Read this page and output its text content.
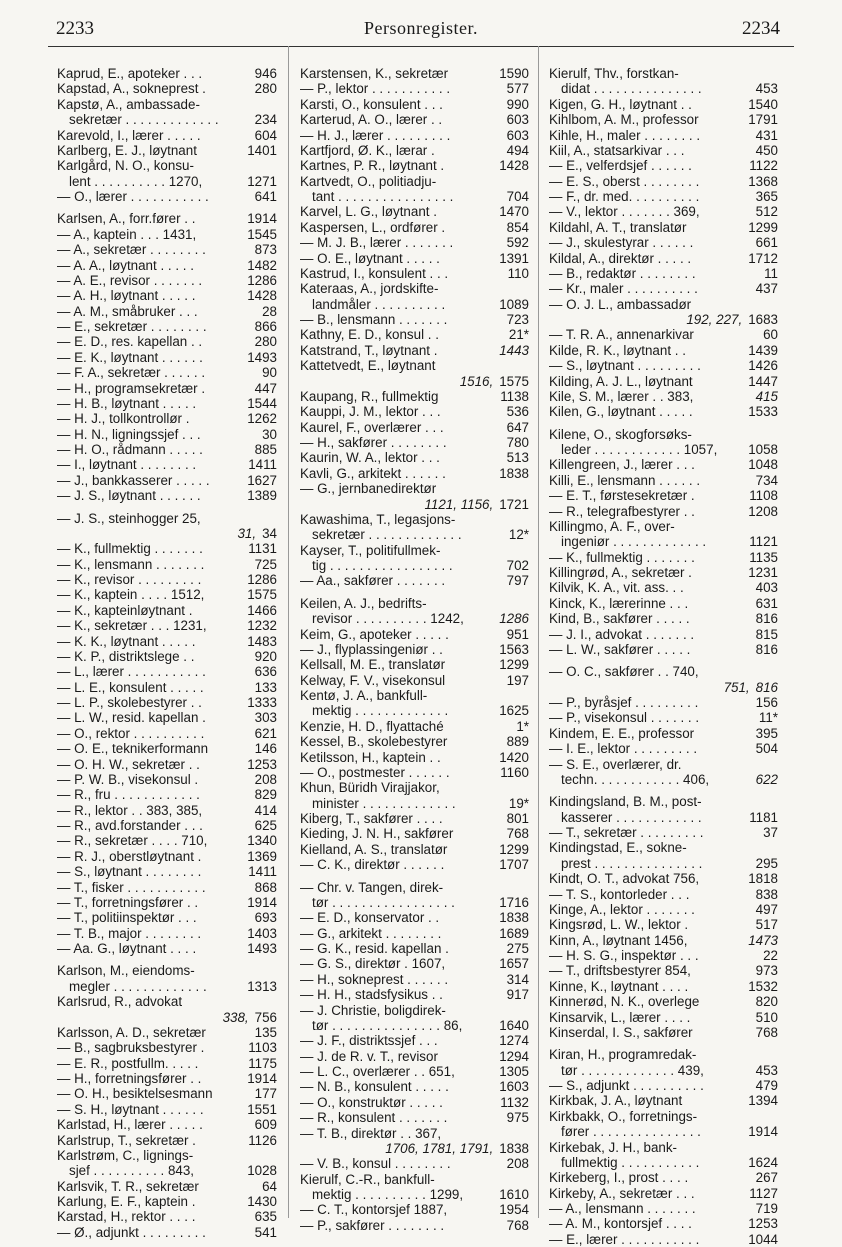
2233	Personregister.	2234
Kaprud, E., apoteker . . .	946
Kapstad, A., sokneprest .	280
Kapstø, A., ambassade-
sekretær . . . . . . . . . . . . .	234
Karevold, I., lærer . . . . .	604
Karlberg, E. J., løytnant	1401
Karlgård, N. O., konsu-
lent . . . . . . . . . . 1270,	1271
— O., lærer . . . . . . . . . . .	641
Karlsen, A., forr.fører . .	1914
— A., kaptein . . . 1431,	1545
— A., sekretær . . . . . . . .	873
— A. A., løytnant . . . . .	1482
— A. E., revisor . . . . . . .	1286
— A. H., løytnant . . . . .	1428
— A. M., småbruker . . .	28
— E., sekretær . . . . . . . .	866
— E. D., res. kapellan . .	280
— E. K., løytnant . . . . . .	1493
— F. A., sekretær . . . . . .	90
— H., programsekretær .	447
— H. B., løytnant . . . . .	1544
— H. J., tollkontrollør .	1262
— H. N., ligningssjef . . .	30
— H. O., rådmann . . . . .	885
— I., løytnant . . . . . . . .	1411
— J., bankkasserer . . . . .	1627
— J. S., løytnant . . . . . .	1389
— J. S., steinhogger 25,
31, 34
— K., fullmektig . . . . . . .	1131
— K., lensmann . . . . . . .	725
— K., revisor . . . . . . . . .	1286
— K., kaptein . . . . 1512,	1575
— K., kapteinløytnant .	1466
— K., sekretær . . . 1231,	1232
— K. K., løytnant . . . . .	1483
— K. P., distriktslege . .	920
— L., lærer . . . . . . . . . . .	636
— L. E., konsulent . . . . .	133
— L. P., skolebestyrer . .	1333
— L. W., resid. kapellan .	303
— O., rektor . . . . . . . . . .	621
— O. E., teknikerformann	146
— O. H. W., sekretær . .	1253
— P. W. B., visekonsul .	208
— R., fru . . . . . . . . . . . .	829
— R., lektor . . 383, 385,	414
— R., avd.forstander . . .	625
— R., sekretær . . . . 710,	1340
— R. J., oberstløytnant .	1369
— S., løytnant . . . . . . . .	1411
— T., fisker . . . . . . . . . . .	868
— T., forretningsfører . .	1914
— T., politiinspektør . . .	693
— T. B., major . . . . . . . .	1403
— Aa. G., løytnant . . . .	1493
Karlson, M., eiendoms-
megler . . . . . . . . . . . . .	1313
Karlsrud, R., advokat
338, 756
Karlsson, A. D., sekretær	135
— B., sagbruksbestyrer .	1103
— E. R., postfullm. . . . .	1175
— H., forretningsfører . .	1914
— O. H., besiktelsesmann	177
— S. H., løytnant . . . . . .	1551
Karlstad, H., lærer . . . . .	609
Karlstrup, T., sekretær .	1126
Karlstrøm, C., lignings-
sjef . . . . . . . . . . 843,	1028
Karlsvik, T. R., sekretær	64
Karlung, E. F., kaptein .	1430
Karstad, H., rektor . . . .	635
— Ø., adjunkt . . . . . . . . .	541
Karstensen, K., sekretær	1590
— P., lektor . . . . . . . . . . .	577
Karsti, O., konsulent . . .	990
Karterud, A. O., lærer . .	603
— H. J., lærer . . . . . . . . .	603
Kartfjord, Ø. K., lærar .	494
Kartnes, P. R., løytnant .	1428
Kartvedt, O., politiadju-
tant . . . . . . . . . . . . . . . .	704
Karvel, L. G., løytnant .	1470
Kaspersen, L., ordfører .	854
— M. J. B., lærer . . . . . . .	592
— O. E., løytnant . . . . .	1391
Kastrud, I., konsulent . . .	110
Kateraas, A., jordskifte-
landmåler . . . . . . . . . .	1089
— B., lensmann . . . . . . .	723
Kathny, E. D., konsul . .	21*
Katstrand, T., løytnant .	1443
Kattetvedt, E., løytnant
1516, 1575
Kaupang, R., fullmektig	1138
Kauppi, J. M., lektor . . .	536
Kaurel, F., overlærer . . .	647
— H., sakfører . . . . . . . .	780
Kaurin, W. A., lektor . . .	513
Kavli, G., arkitekt . . . . . .	1838
— G., jernbanedirektør
1121, 1156, 1721
Kawashima, T., legasjons-
sekretær . . . . . . . . . . . . .	12*
Kayser, T., politifullmek-
tig . . . . . . . . . . . . . . . . .	702
— Aa., sakfører . . . . . . .	797
Keilen, A. J., bedrifts-
revisor . . . . . . . . . . 1242,	1286
Keim, G., apoteker . . . . .	951
— J., flyplassingeniør . .	1563
Kellsall, M. E., translatør	1299
Kelway, F. V., visekonsul	197
Kentø, J. A., bankfull-
mektig . . . . . . . . . . . . .	1625
Kenzie, H. D., flyattaché	1*
Kessel, B., skolebestyrer	889
Ketilsson, H., kaptein . .	1420
— O., postmester . . . . . .	1160
Khun, Büridh Virajjakor,
minister . . . . . . . . . . . . .	19*
Kiberg, T., sakfører . . . .	801
Kieding, J. N. H., sakfører	768
Kielland, A. S., translatør	1299
— C. K., direktør . . . . . .	1707
— Chr. v. Tangen, direk-
tør . . . . . . . . . . . . . . . . .	1716
— E. D., konservator . .	1838
— G., arkitekt . . . . . . . .	1689
— G. K., resid. kapellan .	275
— G. S., direktør . 1607,	1657
— H., sokneprest . . . . . .	314
— H. H., stadsfysikus . .	917
— J. Christie, boligdirek-
tør . . . . . . . . . . . . . . . 86,	1640
— J. F., distriktssjef . . .	1274
— J. de R. v. T., revisor	1294
— L. C., overlærer . . 651,	1305
— N. B., konsulent . . . . .	1603
— O., konstruktør . . . . .	1132
— R., konsulent . . . . . . .	975
— T. B., direktør . . 367,
1706, 1781, 1791, 1838
— V. B., konsul . . . . . . . .	208
Kierulf, C.-R., bankfull-
mektig . . . . . . . . . . 1299,	1610
— C. T., kontorsjef 1887,	1954
— P., sakfører . . . . . . . .	768
Kierulf, Thv., forstkan-
didat . . . . . . . . . . . . . . .	453
Kigen, G. H., løytnant . .	1540
Kihlbom, A. M., professor	1791
Kihle, H., maler . . . . . . . .	431
Kiil, A., statsarkivar . . .	450
— E., velferdsjef . . . . . .	1122
— E. S., oberst . . . . . . . .	1368
— F., dr. med. . . . . . . . . .	365
— V., lektor . . . . . . . 369,	512
Kildahl, A. T., translatør	1299
— J., skulestyrar . . . . . .	661
Kildal, A., direktør . . . . .	1712
— B., redaktør . . . . . . . .	11
— Kr., maler . . . . . . . . . .	437
— O. J. L., ambassadør
192, 227, 1683
— T. R. A., annenarkivar	60
Kilde, R. K., løytnant . .	1439
— S., løytnant . . . . . . . . .	1426
Kilding, A. J. L., løytnant	1447
Kile, S. M., lærer . . 383,	415
Kilen, G., løytnant . . . . .	1533
Kilene, O., skogforsøks-
leder . . . . . . . . . . . . 1057,	1058
Killengreen, J., lærer . . .	1048
Killi, E., lensmann . . . . . .	734
— E. T., førstesekretær .	1108
— R., telegrafbestyrer . .	1208
Killingmo, A. F., over-
ingeniør . . . . . . . . . . . . .	1121
— K., fullmektig . . . . . . .	1135
Killingrød, A., sekretær .	1231
Kilvik, K. A., vit. ass. . .	403
Kinck, K., lærerinne . . .	631
Kind, B., sakfører . . . . .	816
— J. I., advokat . . . . . . .	815
— L. W., sakfører . . . . .	816
— O. C., sakfører . . 740,
751, 816
— P., byråsjef . . . . . . . . .	156
— P., visekonsul . . . . . . .	11*
Kindem, E. E., professor	395
— I. E., lektor . . . . . . . . .	504
— S. E., overlærer, dr.
techn. . . . . . . . . . . . 406,	622
Kindingsland, B. M., post-
kasserer . . . . . . . . . . . .	1181
— T., sekretær . . . . . . . . .	37
Kindingstad, E., sokne-
prest . . . . . . . . . . . . . . .	295
Kindt, O. T., advokat 756,	1818
— T. S., kontorleder . . .	838
Kinge, A., lektor . . . . . . .	497
Kingsrød, L. W., lektor .	517
Kinn, A., løytnant 1456,	1473
— H. S. G., inspektør . . .	22
— T., driftsbestyrer 854,	973
Kinne, K., løytnant . . . .	1532
Kinnerød, N. K., overlege	820
Kinsarvik, L., lærer . . . .	510
Kinserdal, I. S., sakfører	768
Kiran, H., programredak-
tør . . . . . . . . . . . . . 439,	453
— S., adjunkt . . . . . . . . . .	479
Kirkbak, J. A., løytnant	1394
Kirkbakk, O., forretnings-
fører . . . . . . . . . . . . . . .	1914
Kirkebak, J. H., bank-
fullmektig . . . . . . . . . . .	1624
Kirkeberg, I., prost . . . .	267
Kirkeby, A., sekretær . . .	1127
— A., lensmann . . . . . . .	719
— A. M., kontorsjef . . . .	1253
— E., lærer . . . . . . . . . . .	1044
